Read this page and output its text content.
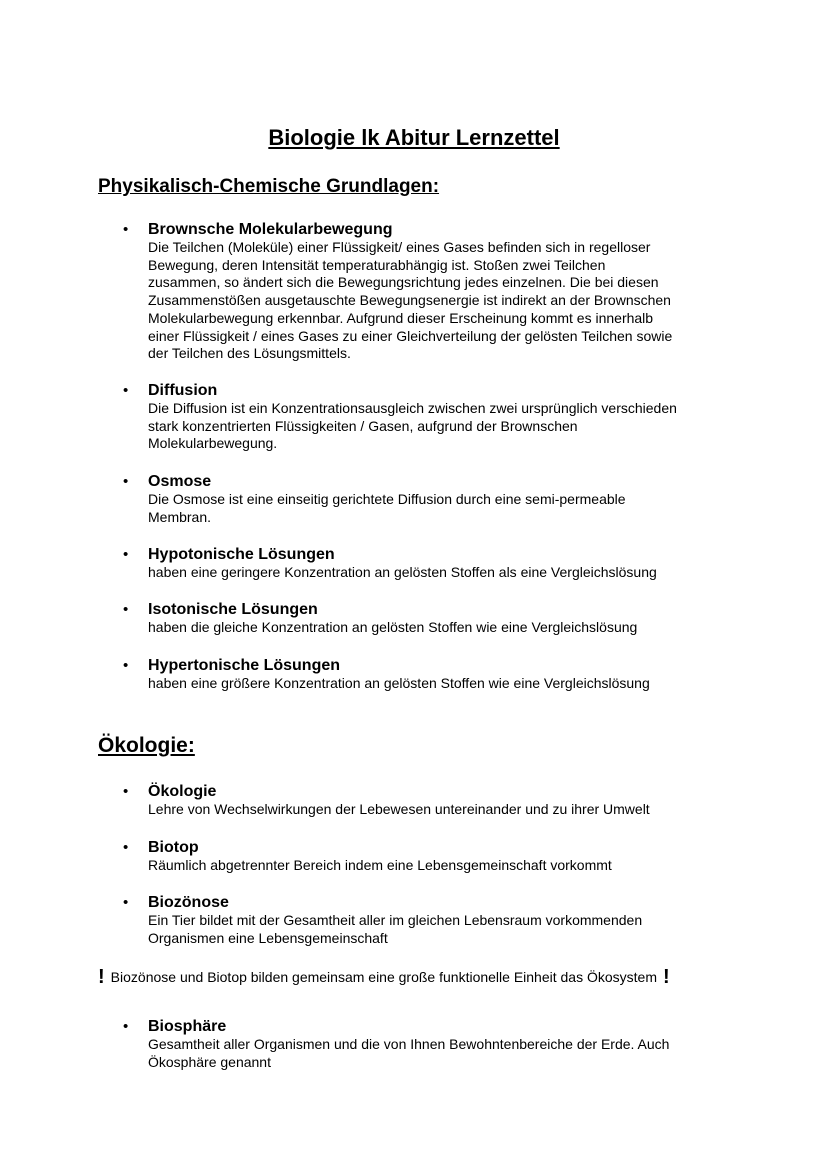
Biologie lk Abitur Lernzettel
Physikalisch-Chemische Grundlagen:
• Brownsche Molekularbewegung
Die Teilchen (Moleküle) einer Flüssigkeit/ eines Gases befinden sich in regelloser
Bewegung, deren Intensität temperaturabhängig ist. Stoßen zwei Teilchen
zusammen, so ändert sich die Bewegungsrichtung jedes einzelnen. Die bei diesen
Zusammenstößen ausgetauschte Bewegungsenergie ist indirekt an der Brownschen
Molekularbewegung erkennbar. Aufgrund dieser Erscheinung kommt es innerhalb
einer Flüssigkeit / eines Gases zu einer Gleichverteilung der gelösten Teilchen sowie
der Teilchen des Lösungsmittels.
• Diffusion
Die Diffusion ist ein Konzentrationsausgleich zwischen zwei ursprünglich verschieden
stark konzentrierten Flüssigkeiten / Gasen, aufgrund der Brownschen
Molekularbewegung.
• Osmose
Die Osmose ist eine einseitig gerichtete Diffusion durch eine semi-permeable
Membran.
• Hypotonische Lösungen
haben eine geringere Konzentration an gelösten Stoffen als eine Vergleichslösung
• Isotonische Lösungen
haben die gleiche Konzentration an gelösten Stoffen wie eine Vergleichslösung
• Hypertonische Lösungen
haben eine größere Konzentration an gelösten Stoffen wie eine Vergleichslösung
Ökologie:
• Ökologie
Lehre von Wechselwirkungen der Lebewesen untereinander und zu ihrer Umwelt
• Biotop
Räumlich abgetrennter Bereich indem eine Lebensgemeinschaft vorkommt
• Biozönose
Ein Tier bildet mit der Gesamtheit aller im gleichen Lebensraum vorkommenden
Organismen eine Lebensgemeinschaft
! Biozönose und Biotop bilden gemeinsam eine große funktionelle Einheit das Ökosystem !
• Biosphäre
Gesamtheit aller Organismen und die von Ihnen Bewohntenbereiche der Erde. Auch
Ökosphäre genannt
